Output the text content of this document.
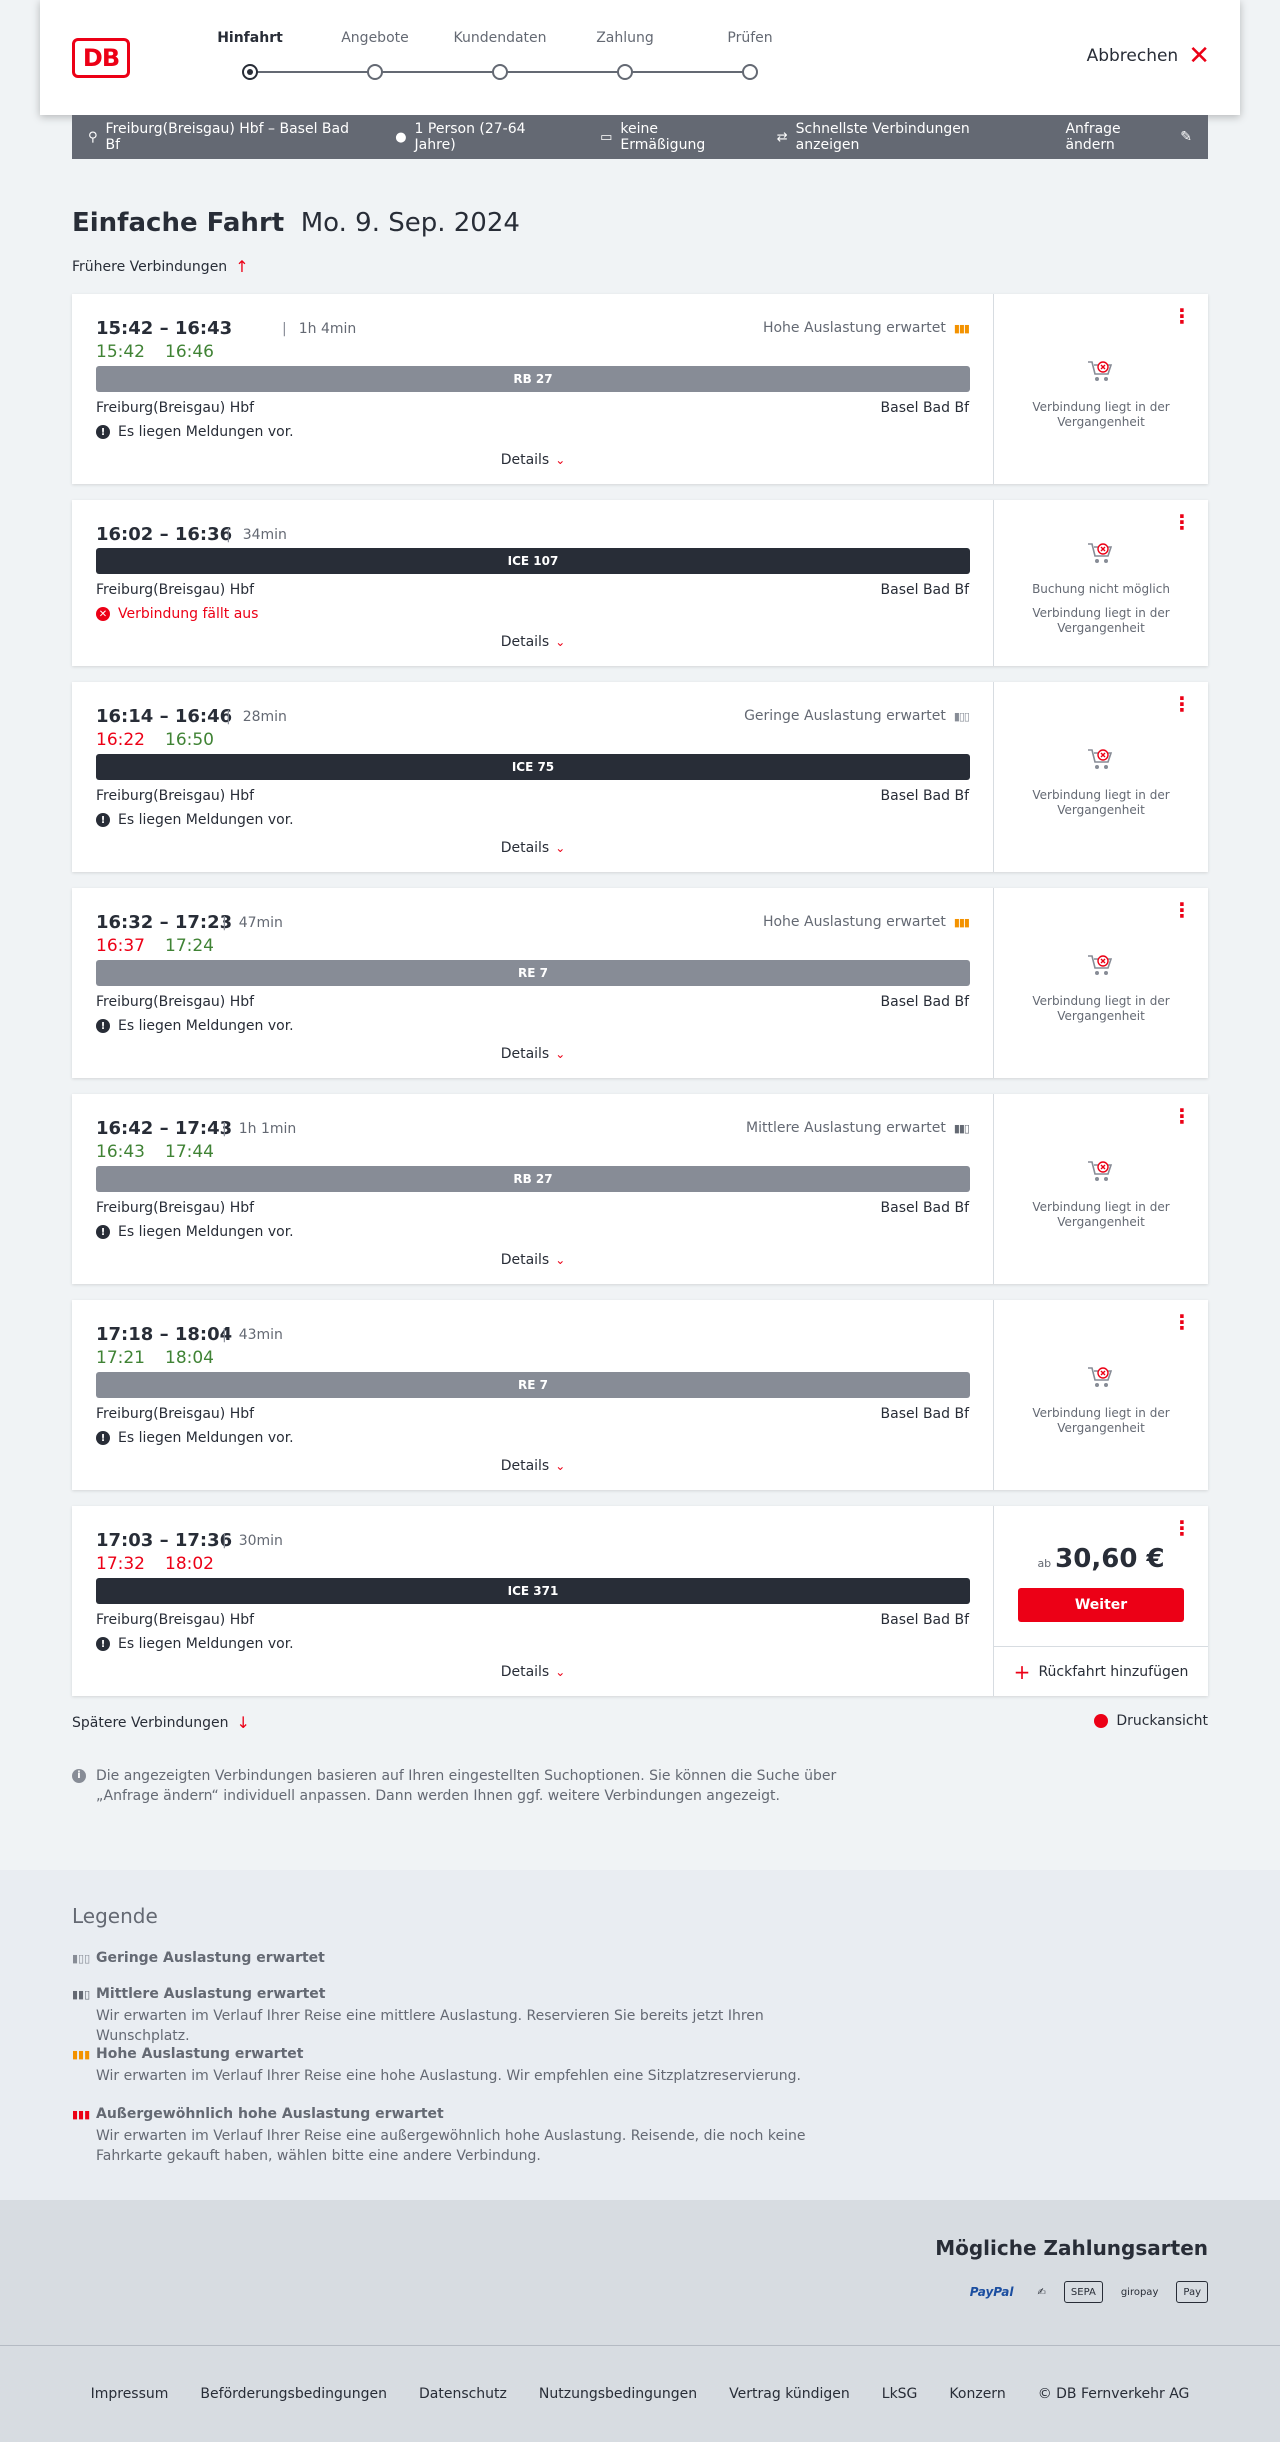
DB
Hinfahrt	Angebote	Kundendaten	Zahlung	Prüfen
Abbrechen ✕
⚲ Freiburg(Breisgau) Hbf – Basel Bad Bf	● 1 Person (27-64 Jahre)	▭ keine Ermäßigung	⇄ Schnellste Verbindungen anzeigen
Anfrage ändern	✎
Einfache Fahrt Mo. 9. Sep. 2024
Frühere Verbindungen ↑
15:42 – 16:43	| 1h 4min	Hohe Auslastung erwartet ▮▮▮
15:42 16:46
RB 27
Freiburg(Breisgau) Hbf	Basel Bad Bf
! Es liegen Meldungen vor.
Details ⌄
⋮
Verbindung liegt in der Vergangenheit
16:02 – 16:36 | 34min
ICE 107
Freiburg(Breisgau) Hbf	Basel Bad Bf
✕ Verbindung fällt aus
Details ⌄
⋮
Buchung nicht möglich
Verbindung liegt in der Vergangenheit
16:14 – 16:46 | 28min	Geringe Auslastung erwartet ▮▯▯
16:22 16:50
ICE 75
Freiburg(Breisgau) Hbf	Basel Bad Bf
! Es liegen Meldungen vor.
Details ⌄
⋮
Verbindung liegt in der Vergangenheit
16:32 – 17:23 | 47min	Hohe Auslastung erwartet ▮▮▮
16:37 17:24
RE 7
Freiburg(Breisgau) Hbf	Basel Bad Bf
! Es liegen Meldungen vor.
Details ⌄
⋮
Verbindung liegt in der Vergangenheit
16:42 – 17:43 | 1h 1min	Mittlere Auslastung erwartet ▮▮▯
16:43 17:44
RB 27
Freiburg(Breisgau) Hbf	Basel Bad Bf
! Es liegen Meldungen vor.
Details ⌄
⋮
Verbindung liegt in der Vergangenheit
17:18 – 18:04 | 43min
17:21 18:04
RE 7
Freiburg(Breisgau) Hbf	Basel Bad Bf
! Es liegen Meldungen vor.
Details ⌄
⋮
Verbindung liegt in der Vergangenheit
17:03 – 17:36 | 30min
17:32 18:02
ICE 371
Freiburg(Breisgau) Hbf	Basel Bad Bf
! Es liegen Meldungen vor.
Details ⌄
⋮
ab 30,60 €
Weiter
+ Rückfahrt hinzufügen
Spätere Verbindungen ↓	Druckansicht
i	Die angezeigten Verbindungen basieren auf Ihren eingestellten Suchoptionen. Sie können die Suche über „Anfrage ändern“ individuell anpassen. Dann werden Ihnen ggf. weitere Verbindungen angezeigt.
Legende
▮▯▯ Geringe Auslastung erwartet
▮▮▯ Mittlere Auslastung erwartet

Wir erwarten im Verlauf Ihrer Reise eine mittlere Auslastung. Reservieren Sie bereits jetzt Ihren Wunschplatz.

▮▮▮ Hohe Auslastung erwartet

Wir erwarten im Verlauf Ihrer Reise eine hohe Auslastung. Wir empfehlen eine Sitzplatzreservierung.

▮▮▮ Außergewöhnlich hohe Auslastung erwartet

Wir erwarten im Verlauf Ihrer Reise eine außergewöhnlich hohe Auslastung. Reisende, die noch keine Fahrkarte gekauft haben, wählen bitte eine andere Verbindung.

Mögliche Zahlungsarten
PayPal	✍	SEPA	giropay	Pay
Impressum Beförderungsbedingungen Datenschutz Nutzungsbedingungen Vertrag kündigen LkSG Konzern © DB Fernverkehr AG
